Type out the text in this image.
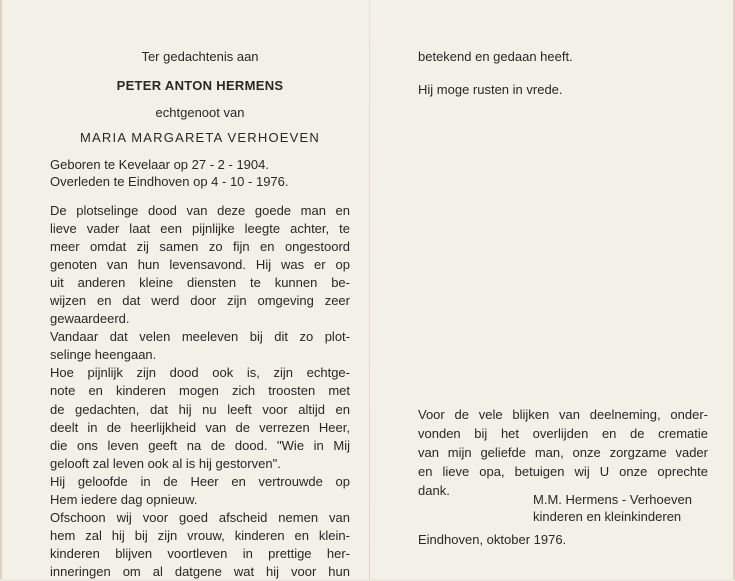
Ter gedachtenis aan
PETER ANTON HERMENS
echtgenoot van
MARIA MARGARETA VERHOEVEN
Geboren te Kevelaar op 27 - 2 - 1904.
Overleden te Eindhoven op 4 - 10 - 1976.
De plotselinge dood van deze goede man en
lieve vader laat een pijnlijke leegte achter, te
meer omdat zij samen zo fijn en ongestoord
genoten van hun levensavond. Hij was er op
uit anderen kleine diensten te kunnen be-
wijzen en dat werd door zijn omgeving zeer
gewaardeerd.
Vandaar dat velen meeleven bij dit zo plot-
selinge heengaan.
Hoe pijnlijk zijn dood ook is, zijn echtge-
note en kinderen mogen zich troosten met
de gedachten, dat hij nu leeft voor altijd en
deelt in de heerlijkheid van de verrezen Heer,
die ons leven geeft na de dood. "Wie in Mij
gelooft zal leven ook al is hij gestorven".
Hij geloofde in de Heer en vertrouwde op
Hem iedere dag opnieuw.
Ofschoon wij voor goed afscheid nemen van
hem zal hij bij zijn vrouw, kinderen en klein-
kinderen blijven voortleven in prettige her-
inneringen om al datgene wat hij voor hun
betekend en gedaan heeft.
Hij moge rusten in vrede.
Voor de vele blijken van deelneming, onder-
vonden bij het overlijden en de crematie
van mijn geliefde man, onze zorgzame vader
en lieve opa, betuigen wij U onze oprechte
dank.
M.M. Hermens - Verhoeven
kinderen en kleinkinderen
Eindhoven, oktober 1976.
